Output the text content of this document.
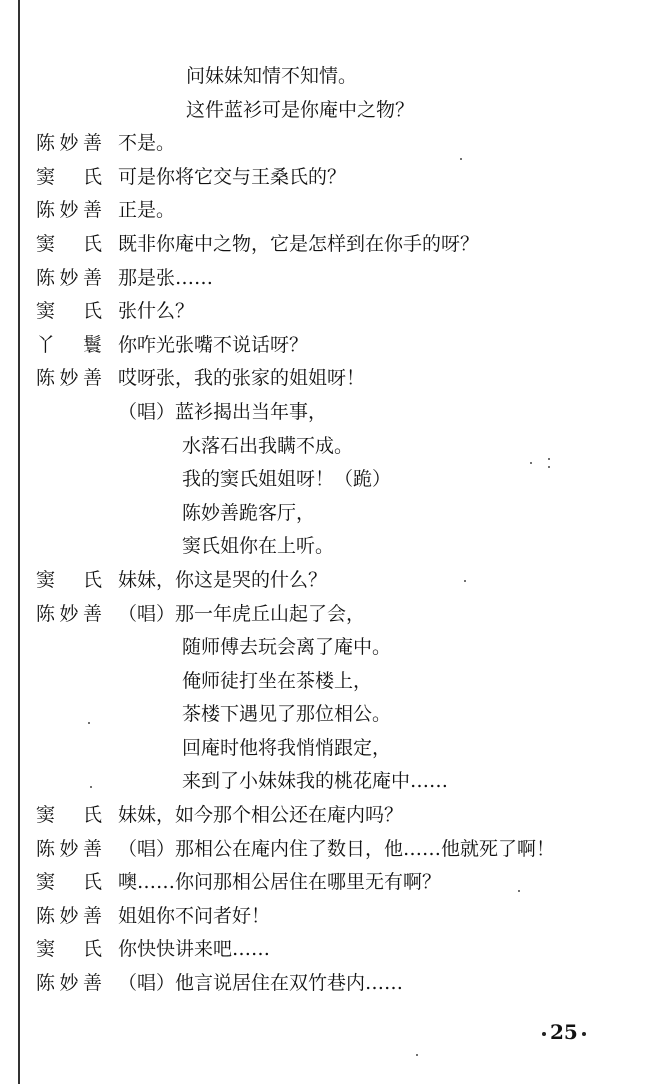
问妹妹知情不知情。
这件蓝衫可是你庵中之物？
陈妙善 不是。
窦　氏 可是你将它交与王桑氏的？
陈妙善 正是。
窦　氏 既非你庵中之物，它是怎样到在你手的呀？
陈妙善 那是张……
窦　氏 张什么？
丫　鬟 你咋光张嘴不说话呀？
陈妙善 哎呀张，我的张家的姐姐呀！
（唱）蓝衫揭出当年事，
水落石出我瞒不成。
我的窦氏姐姐呀！（跪）
陈妙善跪客厅，
窦氏姐你在上听。
窦　氏 妹妹，你这是哭的什么？
陈妙善 （唱）那一年虎丘山起了会，
随师傅去玩会离了庵中。
俺师徒打坐在茶楼上，
茶楼下遇见了那位相公。
回庵时他将我悄悄跟定，
来到了小妹妹我的桃花庵中……
窦　氏 妹妹，如今那个相公还在庵内吗？
陈妙善 （唱）那相公在庵内住了数日，他……他就死了啊！
窦　氏 噢……你问那相公居住在哪里无有啊？
陈妙善 姐姐你不问者好！
窦　氏 你快快讲来吧……
陈妙善 （唱）他言说居住在双竹巷内……
25
